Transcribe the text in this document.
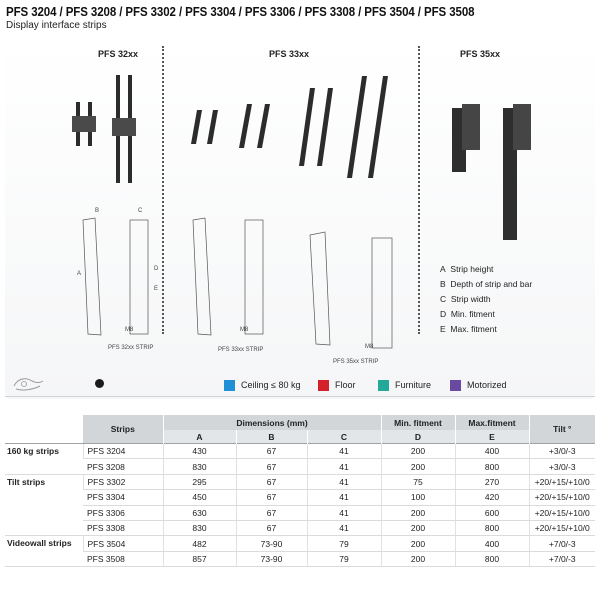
PFS 3204 / PFS 3208 / PFS 3302 / PFS 3304 / PFS 3306 / PFS 3308 / PFS 3504 / PFS 3508
Display interface strips
PFS 32xx	PFS 33xx	PFS 35xx
PFS 32xx STRIP	PFS 33xx STRIP
PFS 35xx STRIP
A
B	C
D
E
M8	M8
M8
A Strip height
B Depth of strip and bar
C Strip width
D Min. fitment
E Max. fitment
Ceiling ≤ 80 kg	Floor	Furniture	Motorized
	Strips	Dimensions (mm)			Min. fitment	Max.fitment	Tilt °
		A	B	C	D	E	
160 kg strips	PFS 3204	430	67	41	200	400	+3/0/-3
	PFS 3208	830	67	41	200	800	+3/0/-3
Tilt strips	PFS 3302	295	67	41	75	270	+20/+15/+10/0
	PFS 3304	450	67	41	100	420	+20/+15/+10/0
	PFS 3306	630	67	41	200	600	+20/+15/+10/0
	PFS 3308	830	67	41	200	800	+20/+15/+10/0
Videowall strips	PFS 3504	482	73-90	79	200	400	+7/0/-3
	PFS 3508	857	73-90	79	200	800	+7/0/-3
